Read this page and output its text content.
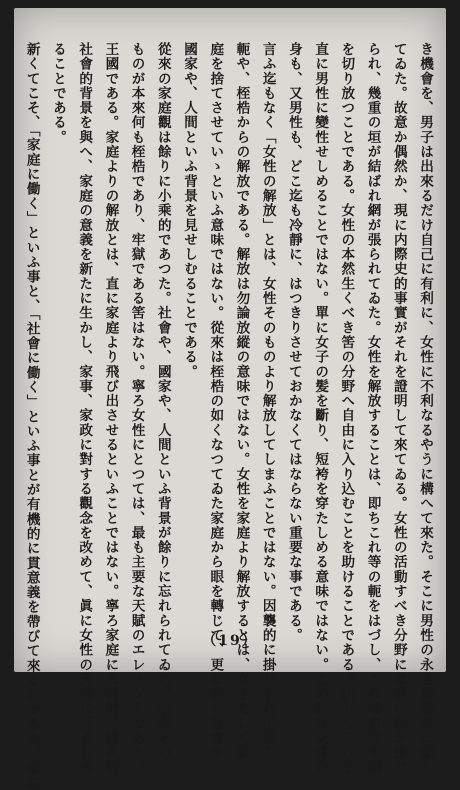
き機會を、男子は出來るだけ自己に有利に、女性に不利なるやうに構へて來た。そこに男性の永き横暴が支配し
てゐた。故意か偶然か、現に内際史的事實がそれを證明して來てゐる。女性の活動すべき分野には重い軛が掛け
られ、幾重の垣が結ばれ網が張られてゐた。女性を解放することは、即ちこれ等の軛をはづし、これ峰の垣や網
を切り放つことである。女性の本然生くべき筈の分野へ自由に入り込むことを助けることである。決してこれを
直に男性に變性せしめることではない。單に女子の髪を斷り、短袴を穿たしめる意味ではない。この點は女性自
身も、又男性も、どこ迄も冷靜に、はつきりさせておかなくてはならない重要な事である。
言ふ迄もなく「女性の解放」とは、女性そのものより解放してしまふことではない。因襲的に掛けられて居た
軛や、桎梏からの解放である。解放は勿論放縱の意味ではない。女性を家庭より解放するとは、女子をして家
庭を捨てさせていゝといふ意味ではない。從來は桎梏の如くなつてゐた家庭から眼を轉じて、更に廣い社會や、
國家や、人間といふ背景を見せしむることである。
從來の家庭觀は餘りに小乘的であつた。社會や、國家や、人間といふ背景が餘りに忘れられてゐた。家庭その
ものが本來何も桎梏であり、牢獄である筈はない。寧ろ女性にとつては、最も主要な天賦のエレメントであり、
王國である。家庭よりの解放とは、直に家庭より飛び出させるといふことではない。寧ろ家庭に人間的、國民的
社會的背景を與へ、家庭の意義を新たに生かし、家事、家政に對する觀念を改めて、眞に女性の天職に活きしめ
ることである。
新くてこそ、「家庭に働く」といふ事と、「社會に働く」といふ事とが有機的に貫意義を帶びて來るのである。家庭	（19）
